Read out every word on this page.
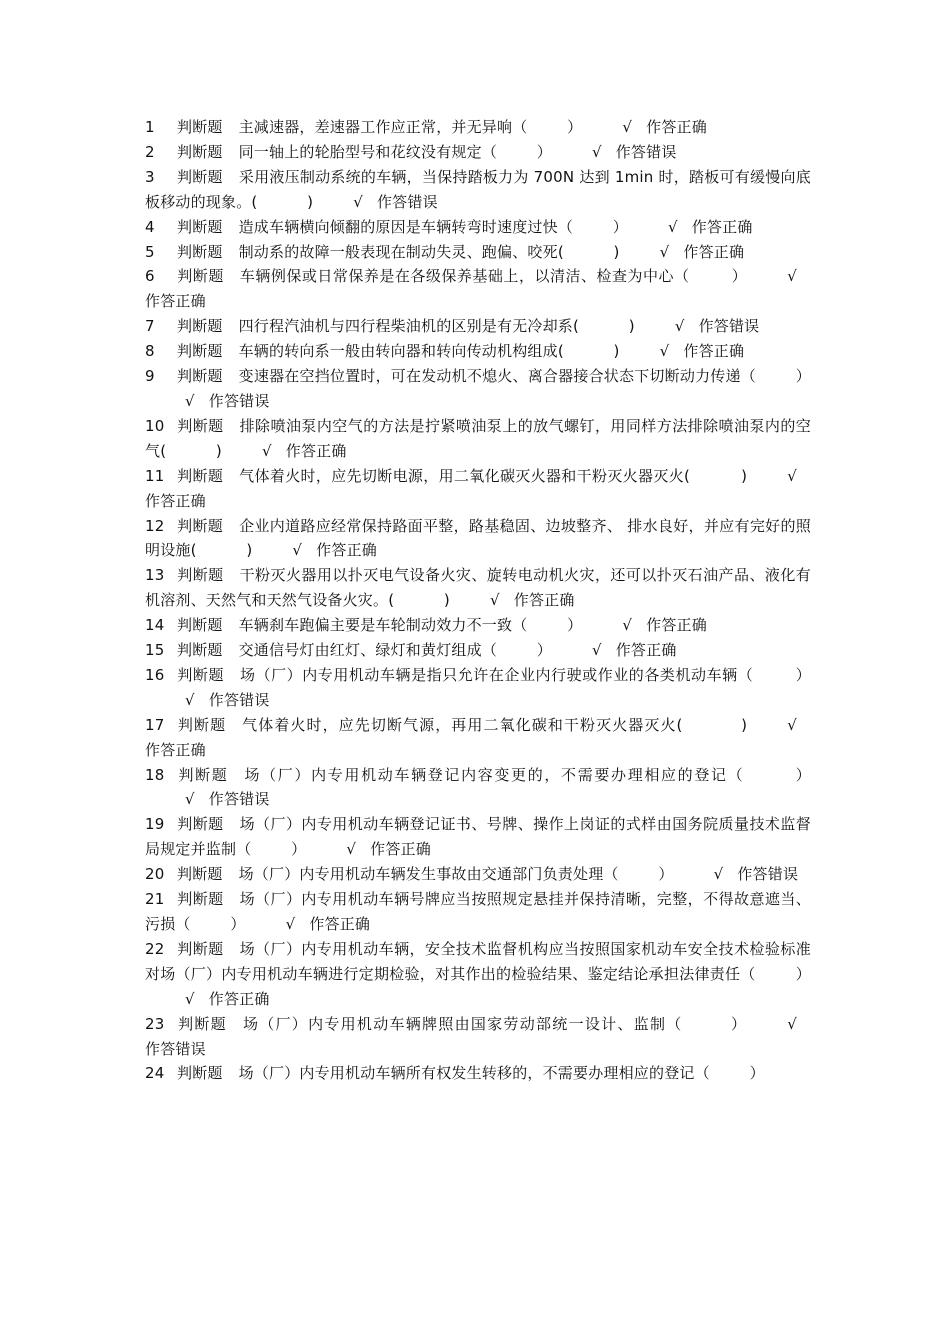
1 判断题 主减速器，差速器工作应正常，并无异响（        ）	√ 作答正确
2 判断题 同一轴上的轮胎型号和花纹没有规定（        ）	√ 作答错误
3 判断题 采用液压制动系统的车辆，当保持踏板力为 700N 达到 1min 时，踏板可有缓慢向底板移动的现象。(          )	√ 作答错误
4 判断题 造成车辆横向倾翻的原因是车辆转弯时速度过快（        ）	√ 作答正确
5 判断题 制动系的故障一般表现在制动失灵、跑偏、咬死(          )	√ 作答正确
6 判断题 车辆例保或日常保养是在各级保养基础上，以清洁、检查为中心（        ）	√作答正确
7 判断题 四行程汽油机与四行程柴油机的区别是有无冷却系(          )	√ 作答错误
8 判断题 车辆的转向系一般由转向器和转向传动机构组成(          )	√ 作答正确
9 判断题 变速器在空挡位置时，可在发动机不熄火、离合器接合状态下切断动力传递（        ）√ 作答错误
10 判断题 排除喷油泵内空气的方法是拧紧喷油泵上的放气螺钉，用同样方法排除喷油泵内的空气(          )	√ 作答正确
11 判断题 气体着火时，应先切断电源，用二氧化碳灭火器和干粉灭火器灭火(          )	√作答正确
12 判断题 企业内道路应经常保持路面平整，路基稳固、边坡整齐、 排水良好，并应有完好的照明设施(          )	√ 作答正确
13 判断题 干粉灭火器用以扑灭电气设备火灾、旋转电动机火灾，还可以扑灭石油产品、液化有机溶剂、天然气和天然气设备火灾。(          )	√ 作答正确
14 判断题 车辆刹车跑偏主要是车轮制动效力不一致（        ）	√ 作答正确
15 判断题 交通信号灯由红灯、绿灯和黄灯组成（        ）	√ 作答正确
16 判断题 场（厂）内专用机动车辆是指只允许在企业内行驶或作业的各类机动车辆（        ）√ 作答错误
17 判断题 气体着火时，应先切断气源，再用二氧化碳和干粉灭火器灭火(          )	√作答正确
18 判断题 场（厂）内专用机动车辆登记内容变更的，不需要办理相应的登记（        ）√ 作答错误
19 判断题 场（厂）内专用机动车辆登记证书、号牌、操作上岗证的式样由国务院质量技术监督局规定并监制（        ）	√ 作答正确
20 判断题 场（厂）内专用机动车辆发生事故由交通部门负责处理（        ）	√ 作答错误
21 判断题 场（厂）内专用机动车辆号牌应当按照规定悬挂并保持清晰，完整，不得故意遮当、污损（        ）	√ 作答正确
22 判断题 场（厂）内专用机动车辆，安全技术监督机构应当按照国家机动车安全技术检验标准对场（厂）内专用机动车辆进行定期检验，对其作出的检验结果、鉴定结论承担法律责任（        ）√ 作答正确
23 判断题 场（厂）内专用机动车辆牌照由国家劳动部统一设计、监制（        ）	√作答错误
24 判断题 场（厂）内专用机动车辆所有权发生转移的，不需要办理相应的登记（        ）
